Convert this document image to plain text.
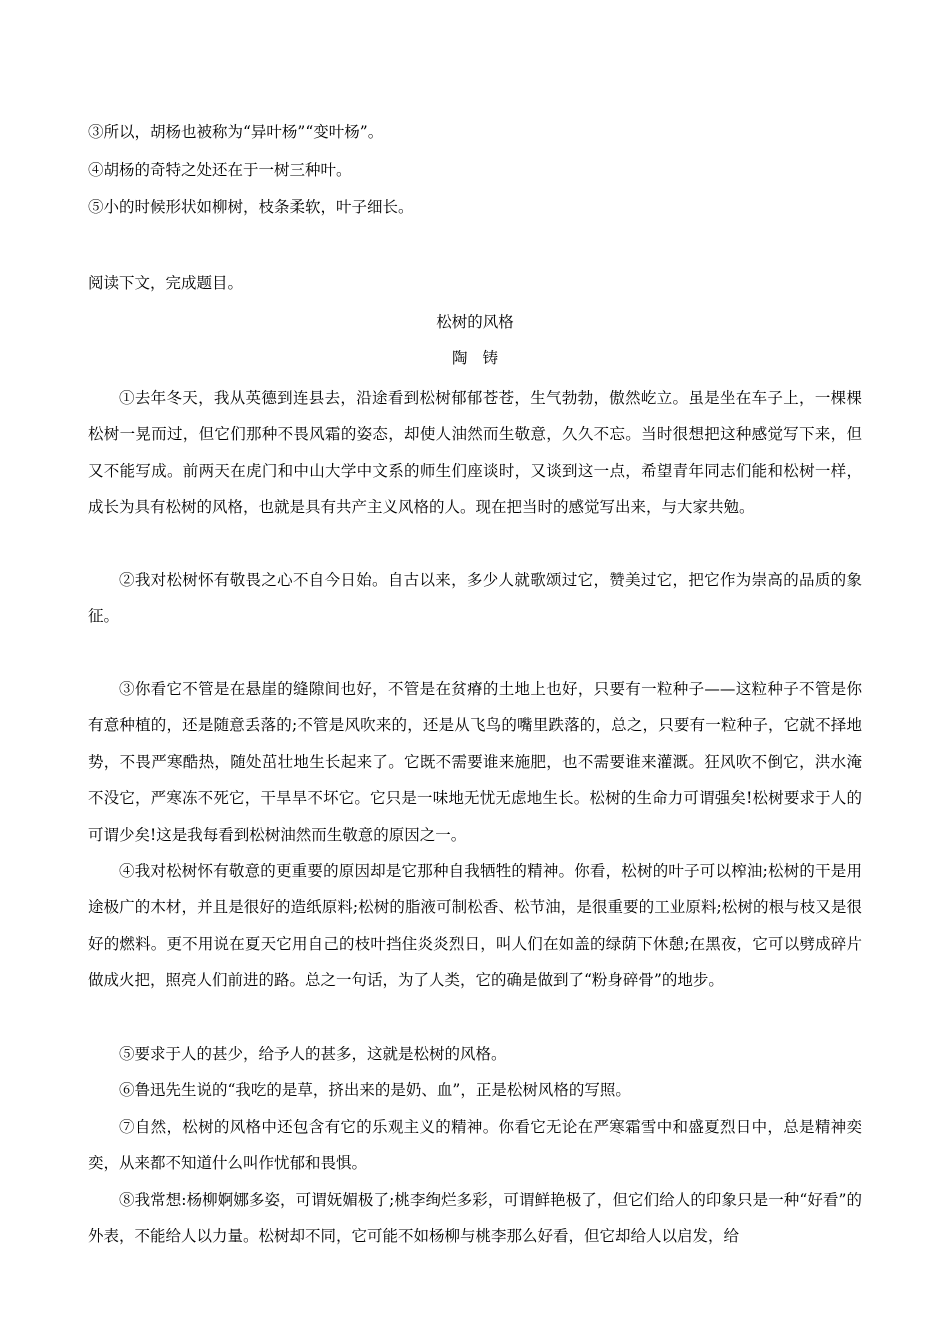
③所以，胡杨也被称为“异叶杨”“变叶杨”。

④胡杨的奇特之处还在于一树三种叶。

⑤小的时候形状如柳树，枝条柔软，叶子细长。

阅读下文，完成题目。

松树的风格

陶铸

①去年冬天，我从英德到连县去，沿途看到松树郁郁苍苍，生气勃勃，傲然屹立。虽是坐在车子上，一棵棵松树一晃而过，但它们那种不畏风霜的姿态，却使人油然而生敬意，久久不忘。当时很想把这种感觉写下来，但又不能写成。前两天在虎门和中山大学中文系的师生们座谈时，又谈到这一点，希望青年同志们能和松树一样，成长为具有松树的风格，也就是具有共产主义风格的人。现在把当时的感觉写出来，与大家共勉。

②我对松树怀有敬畏之心不自今日始。自古以来，多少人就歌颂过它，赞美过它，把它作为崇高的品质的象征。

③你看它不管是在悬崖的缝隙间也好，不管是在贫瘠的土地上也好，只要有一粒种子——这粒种子不管是你有意种植的，还是随意丢落的;不管是风吹来的，还是从飞鸟的嘴里跌落的，总之，只要有一粒种子，它就不择地势，不畏严寒酷热，随处茁壮地生长起来了。它既不需要谁来施肥，也不需要谁来灌溉。狂风吹不倒它，洪水淹不没它，严寒冻不死它，干旱旱不坏它。它只是一味地无忧无虑地生长。松树的生命力可谓强矣!松树要求于人的可谓少矣!这是我每看到松树油然而生敬意的原因之一。

④我对松树怀有敬意的更重要的原因却是它那种自我牺牲的精神。你看，松树的叶子可以榨油;松树的干是用途极广的木材，并且是很好的造纸原料;松树的脂液可制松香、松节油，是很重要的工业原料;松树的根与枝又是很好的燃料。更不用说在夏天它用自己的枝叶挡住炎炎烈日，叫人们在如盖的绿荫下休憩;在黑夜，它可以劈成碎片做成火把，照亮人们前进的路。总之一句话，为了人类，它的确是做到了“粉身碎骨”的地步。

⑤要求于人的甚少，给予人的甚多，这就是松树的风格。

⑥鲁迅先生说的“我吃的是草，挤出来的是奶、血”，正是松树风格的写照。

⑦自然，松树的风格中还包含有它的乐观主义的精神。你看它无论在严寒霜雪中和盛夏烈日中，总是精神奕奕，从来都不知道什么叫作忧郁和畏惧。

⑧我常想:杨柳婀娜多姿，可谓妩媚极了;桃李绚烂多彩，可谓鲜艳极了，但它们给人的印象只是一种“好看”的外表，不能给人以力量。松树却不同，它可能不如杨柳与桃李那么好看，但它却给人以启发，给
